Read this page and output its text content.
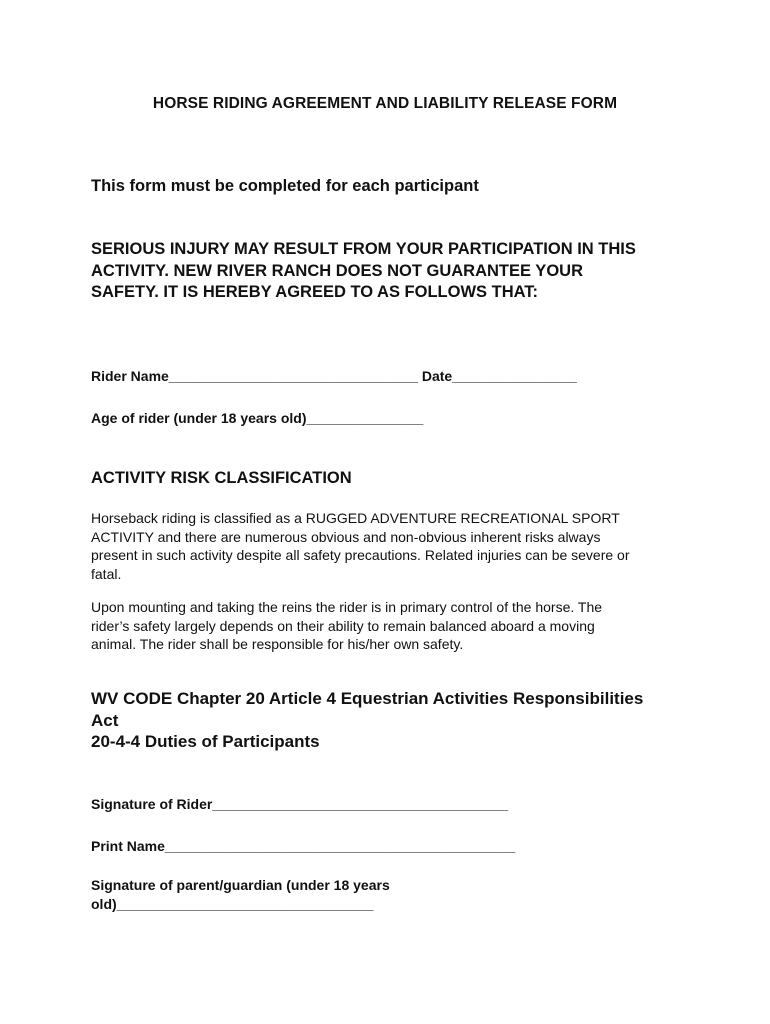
HORSE RIDING AGREEMENT AND LIABILITY RELEASE FORM
This form must be completed for each participant
SERIOUS INJURY MAY RESULT FROM YOUR PARTICIPATION IN THIS
ACTIVITY. NEW RIVER RANCH DOES NOT GUARANTEE YOUR
SAFETY. IT IS HEREBY AGREED TO AS FOLLOWS THAT:
Rider Name________________________________ Date________________
Age of rider (under 18 years old)_______________
ACTIVITY RISK CLASSIFICATION
Horseback riding is classified as a RUGGED ADVENTURE RECREATIONAL SPORT
ACTIVITY and there are numerous obvious and non-obvious inherent risks always
present in such activity despite all safety precautions. Related injuries can be severe or
fatal.
Upon mounting and taking the reins the rider is in primary control of the horse. The
rider’s safety largely depends on their ability to remain balanced aboard a moving
animal. The rider shall be responsible for his/her own safety.
WV CODE Chapter 20 Article 4 Equestrian Activities Responsibilities
Act
20-4-4 Duties of Participants
Signature of Rider______________________________________
Print Name_____________________________________________
Signature of parent/guardian (under 18 years
old)_________________________________
